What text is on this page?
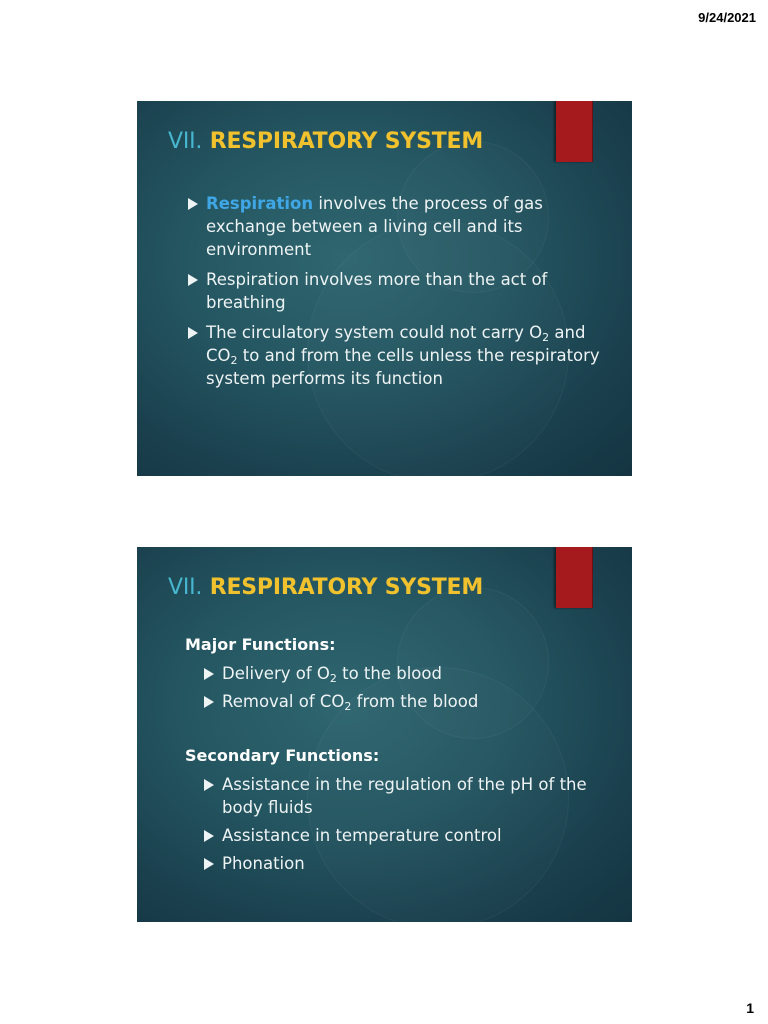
9/24/2021
VII. RESPIRATORY SYSTEM
Respiration involves the process of gas exchange between a living cell and its environment
Respiration involves more than the act of breathing
The circulatory system could not carry $O_2$ and $CO_2$ to and from the cells unless the respiratory system performs its function
VII. RESPIRATORY SYSTEM
Major Functions:
Delivery of $O_2$ to the blood
Removal of $CO_2$ from the blood
Secondary Functions:
Assistance in the regulation of the pH of the body fluids
Assistance in temperature control
Phonation
1
